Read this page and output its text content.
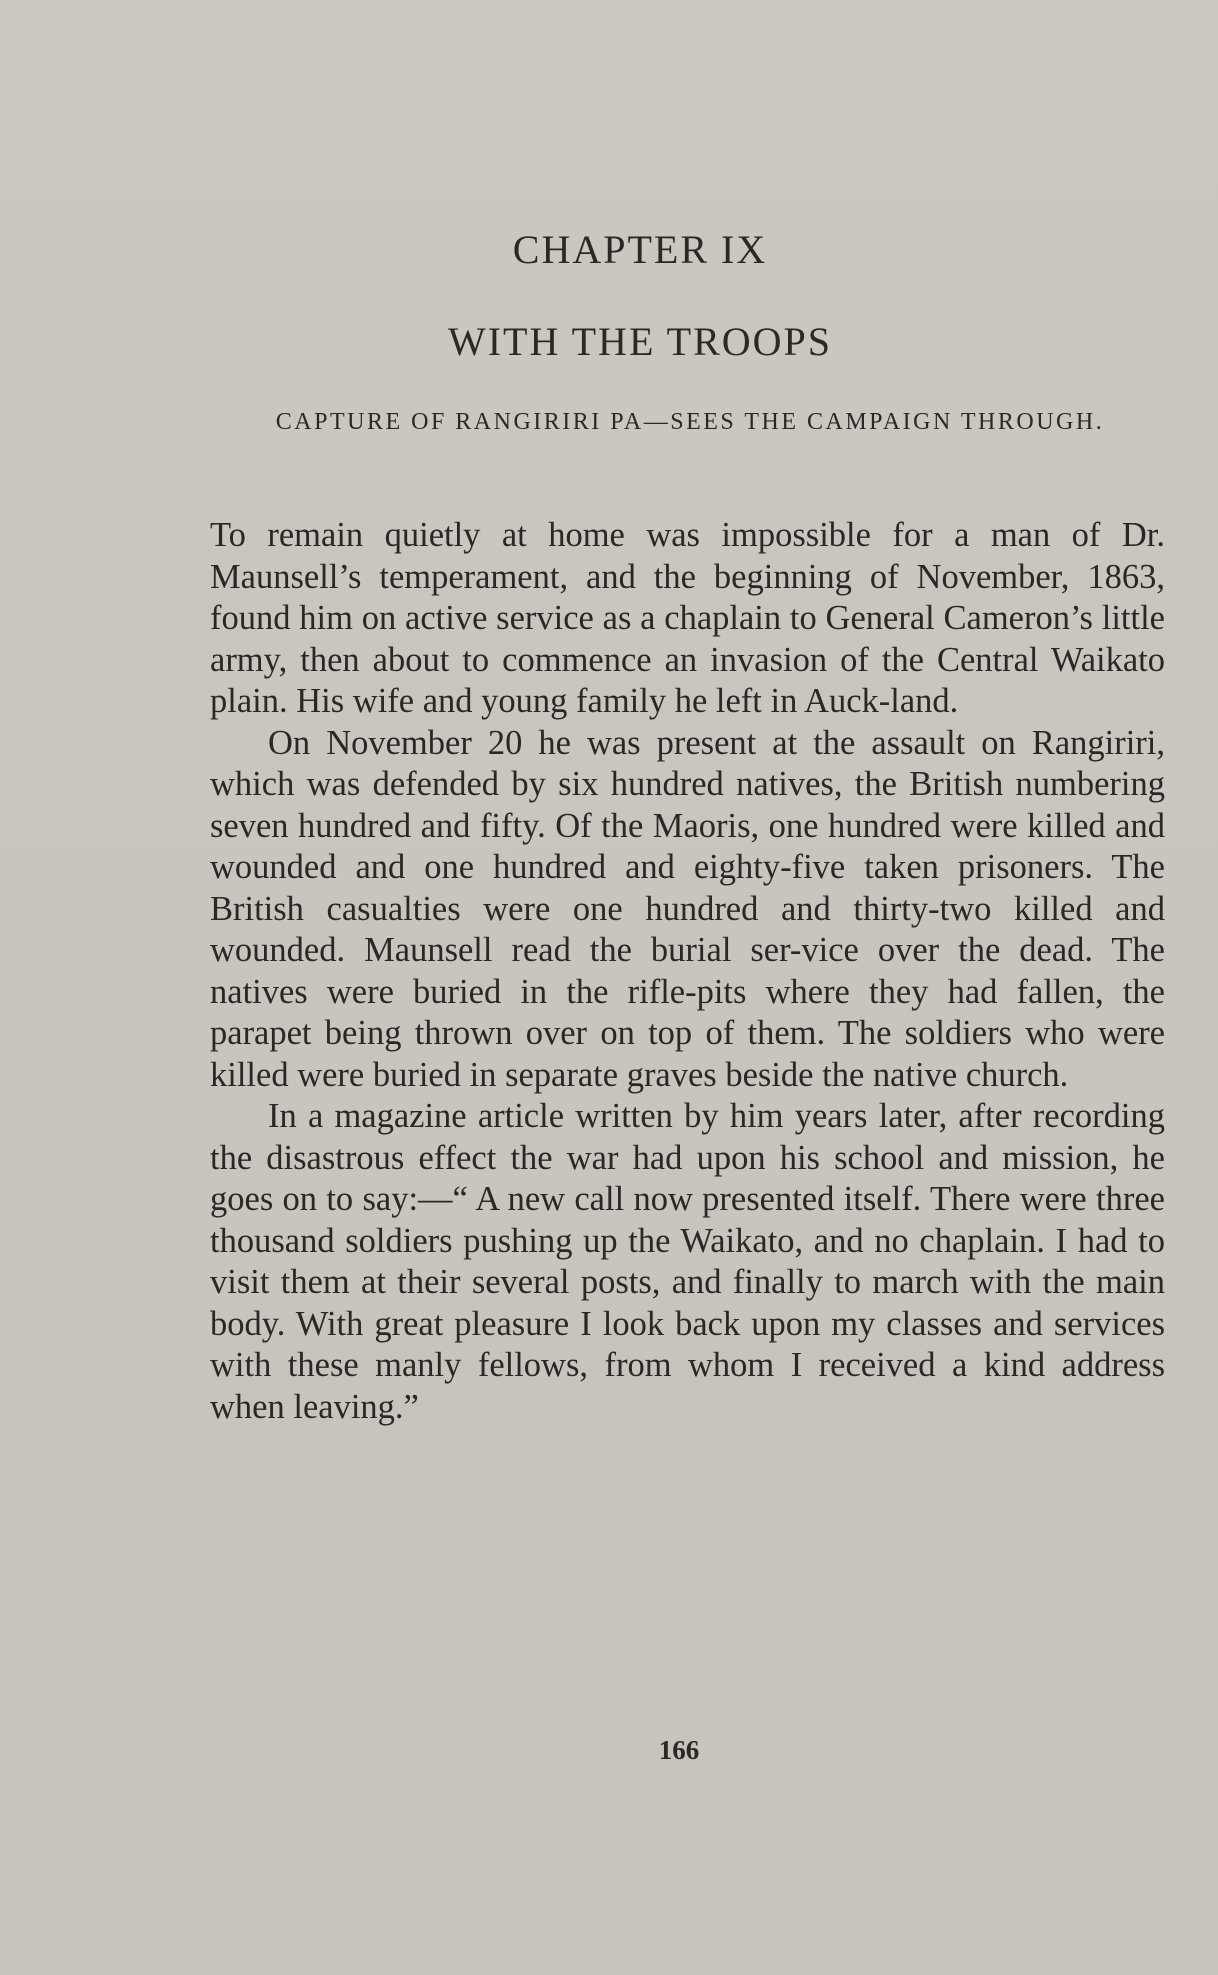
CHAPTER IX
WITH THE TROOPS
CAPTURE OF RANGIRIRI PA—SEES THE CAMPAIGN THROUGH.

To remain quietly at home was impossible for a man of Dr. Maunsell’s temperament, and the beginning of November, 1863, found him on active service as a chaplain to General Cameron’s little army, then about to commence an invasion of the Central Waikato plain. His wife and young family he left in Auck-land.

On November 20 he was present at the assault on Rangiriri, which was defended by six hundred natives, the British numbering seven hundred and fifty. Of the Maoris, one hundred were killed and wounded and one hundred and eighty-five taken prisoners. The British casualties were one hundred and thirty-two killed and wounded. Maunsell read the burial ser-vice over the dead. The natives were buried in the rifle-pits where they had fallen, the parapet being thrown over on top of them. The soldiers who were killed were buried in separate graves beside the native church.

In a magazine article written by him years later, after recording the disastrous effect the war had upon his school and mission, he goes on to say:—“ A new call now presented itself. There were three thousand soldiers pushing up the Waikato, and no chaplain. I had to visit them at their several posts, and finally to march with the main body. With great pleasure I look back upon my classes and services with these manly fellows, from whom I received a kind address when leaving.”

166
